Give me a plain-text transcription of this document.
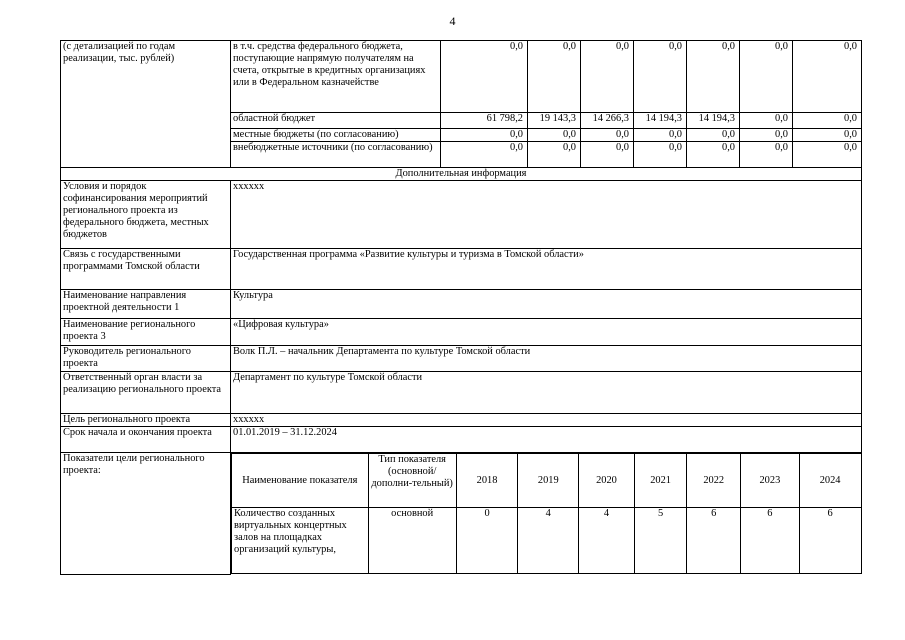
4
(с детализацией по годам реализации, тыс. рублей)	в т.ч. средства федерального бюджета, поступающие напрямую получателям на счета, открытые в кредитных организациях или в Федеральном казначействе	0,0	0,0	0,0	0,0	0,0	0,0	0,0
областной бюджет	61 798,2	19 143,3	14 266,3	14 194,3	14 194,3	0,0	0,0
местные бюджеты (по согласованию)	0,0	0,0	0,0	0,0	0,0	0,0	0,0
внебюджетные источники (по согласованию)	0,0	0,0	0,0	0,0	0,0	0,0	0,0
Дополнительная информация
Условия и порядок софинансирования мероприятий регионального проекта из федерального бюджета, местных бюджетов	хххххх
Связь с государственными программами Томской области	Государственная программа «Развитие культуры и туризма в Томской области»
Наименование направления проектной деятельности 1	Культура
Наименование регионального проекта 3	«Цифровая культура»
Руководитель регионального проекта	Волк П.Л. – начальник Департамента по культуре Томской области
Ответственный орган власти за реализацию регионального проекта	Департамент по культуре Томской области
Цель регионального проекта	хххххх
Срок начала и окончания проекта	01.01.2019 – 31.12.2024
Показатели цели регионального проекта:	
Наименование показателя	Тип показателя (основной/ дополни-тельный)	2018	2019	2020	2021	2022	2023	2024
Количество созданных виртуальных концертных залов на площадках организаций культуры,	основной	0	4	4	5	6	6	6
